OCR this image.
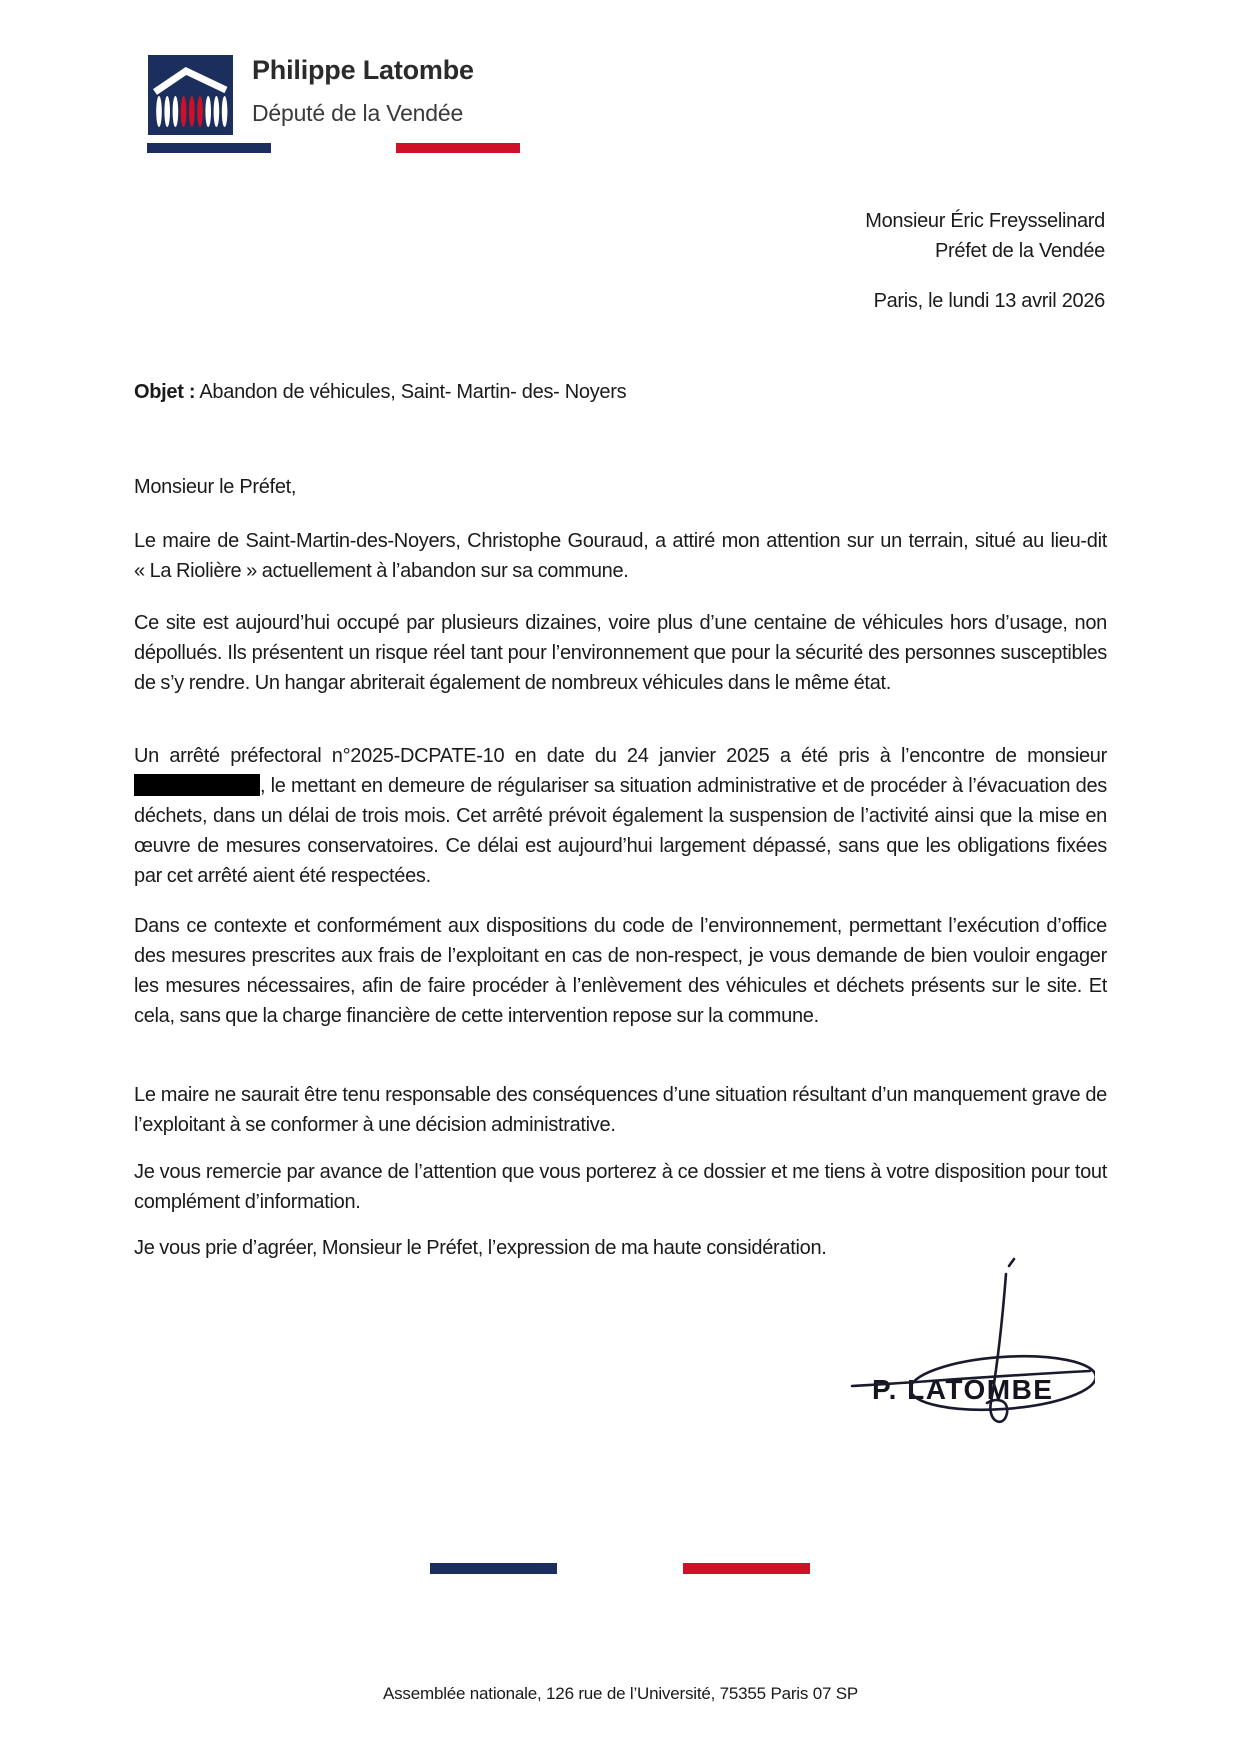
Philippe Latombe
Député de la Vendée
Monsieur Éric Freysselinard
Préfet de la Vendée
Paris, le lundi 13 avril 2026

Objet : Abandon de véhicules, Saint- Martin- des- Noyers

Monsieur le Préfet,

Le maire de Saint-Martin-des-Noyers, Christophe Gouraud, a attiré mon attention sur un terrain, situé au lieu-dit « La Riolière » actuellement à l’abandon sur sa commune.

Ce site est aujourd’hui occupé par plusieurs dizaines, voire plus d’une centaine de véhicules hors d’usage, non dépollués. Ils présentent un risque réel tant pour l’environnement que pour la sécurité des personnes susceptibles de s’y rendre. Un hangar abriterait également de nombreux véhicules dans le même état.

Un arrêté préfectoral n°2025-DCPATE-10 en date du 24 janvier 2025 a été pris à l’encontre de monsieur , le mettant en demeure de régulariser sa situation administrative et de procéder à l’évacuation des déchets, dans un délai de trois mois. Cet arrêté prévoit également la suspension de l’activité ainsi que la mise en œuvre de mesures conservatoires. Ce délai est aujourd’hui largement dépassé, sans que les obligations fixées par cet arrêté aient été respectées.

Dans ce contexte et conformément aux dispositions du code de l’environnement, permettant l’exécution d’office des mesures prescrites aux frais de l’exploitant en cas de non-respect, je vous demande de bien vouloir engager les mesures nécessaires, afin de faire procéder à l’enlèvement des véhicules et déchets présents sur le site. Et cela, sans que la charge financière de cette intervention repose sur la commune.

Le maire ne saurait être tenu responsable des conséquences d’une situation résultant d’un manquement grave de l’exploitant à se conformer à une décision administrative.

Je vous remercie par avance de l’attention que vous porterez à ce dossier et me tiens à votre disposition pour tout complément d’information.

Je vous prie d’agréer, Monsieur le Préfet, l’expression de ma haute considération.

P. LATOMBE
Assemblée nationale, 126 rue de l’Université, 75355 Paris 07 SP
